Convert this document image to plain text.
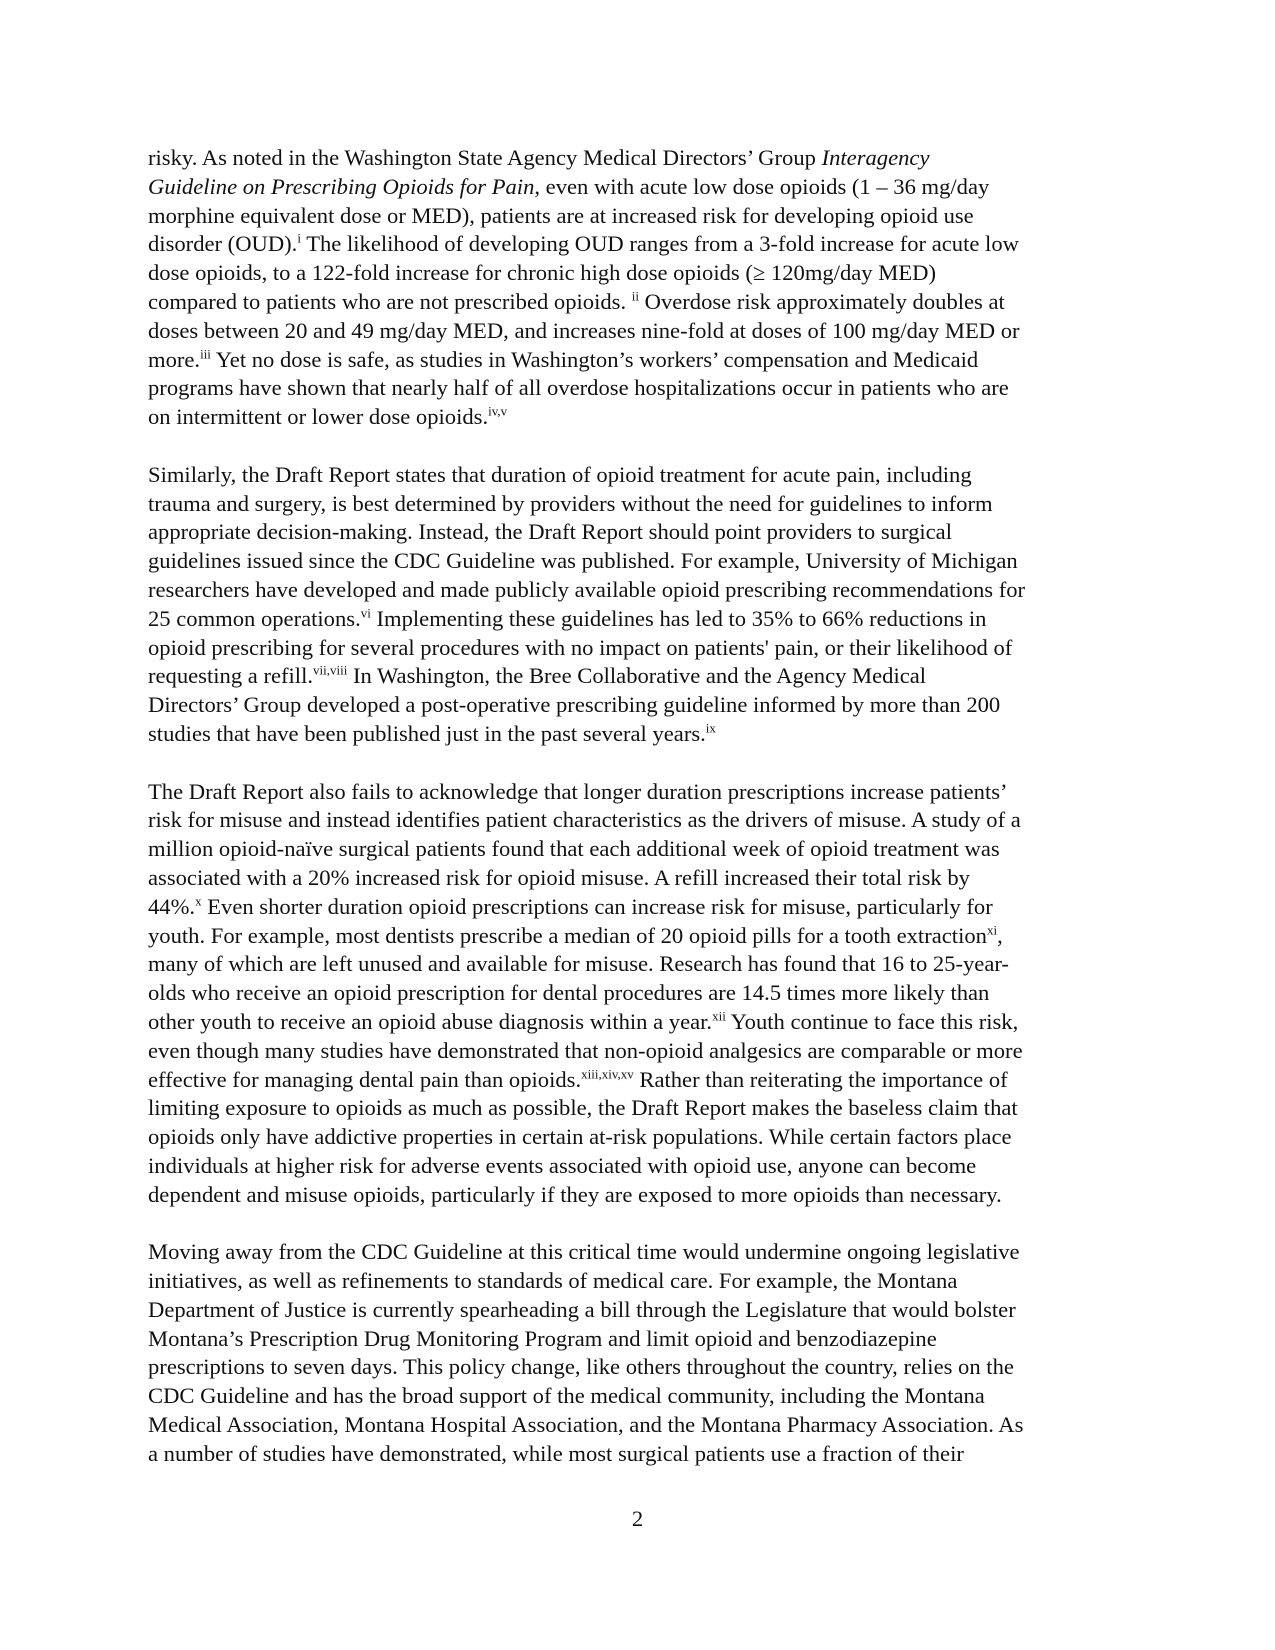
risky. As noted in the Washington State Agency Medical Directors’ Group Interagency
Guideline on Prescribing Opioids for Pain, even with acute low dose opioids (1 – 36 mg/day
morphine equivalent dose or MED), patients are at increased risk for developing opioid use
disorder (OUD).$^i$ The likelihood of developing OUD ranges from a 3-fold increase for acute low
dose opioids, to a 122-fold increase for chronic high dose opioids (≥ 120mg/day MED)
compared to patients who are not prescribed opioids. $^{ii}$ Overdose risk approximately doubles at
doses between 20 and 49 mg/day MED, and increases nine-fold at doses of 100 mg/day MED or
more.$^{iii}$ Yet no dose is safe, as studies in Washington’s workers’ compensation and Medicaid
programs have shown that nearly half of all overdose hospitalizations occur in patients who are
on intermittent or lower dose opioids.$^{iv,v}$
Similarly, the Draft Report states that duration of opioid treatment for acute pain, including
trauma and surgery, is best determined by providers without the need for guidelines to inform
appropriate decision-making. Instead, the Draft Report should point providers to surgical
guidelines issued since the CDC Guideline was published. For example, University of Michigan
researchers have developed and made publicly available opioid prescribing recommendations for
25 common operations.$^{vi}$ Implementing these guidelines has led to 35% to 66% reductions in
opioid prescribing for several procedures with no impact on patients' pain, or their likelihood of
requesting a refill.$^{vii,viii}$ In Washington, the Bree Collaborative and the Agency Medical
Directors’ Group developed a post-operative prescribing guideline informed by more than 200
studies that have been published just in the past several years.$^{ix}$
The Draft Report also fails to acknowledge that longer duration prescriptions increase patients’
risk for misuse and instead identifies patient characteristics as the drivers of misuse. A study of a
million opioid-naïve surgical patients found that each additional week of opioid treatment was
associated with a 20% increased risk for opioid misuse. A refill increased their total risk by
44%.$^x$ Even shorter duration opioid prescriptions can increase risk for misuse, particularly for
youth. For example, most dentists prescribe a median of 20 opioid pills for a tooth extraction$^{xi}$,
many of which are left unused and available for misuse. Research has found that 16 to 25-year-
olds who receive an opioid prescription for dental procedures are 14.5 times more likely than
other youth to receive an opioid abuse diagnosis within a year.$^{xii}$ Youth continue to face this risk,
even though many studies have demonstrated that non-opioid analgesics are comparable or more
effective for managing dental pain than opioids.$^{xiii,xiv,xv}$ Rather than reiterating the importance of
limiting exposure to opioids as much as possible, the Draft Report makes the baseless claim that
opioids only have addictive properties in certain at-risk populations. While certain factors place
individuals at higher risk for adverse events associated with opioid use, anyone can become
dependent and misuse opioids, particularly if they are exposed to more opioids than necessary.
Moving away from the CDC Guideline at this critical time would undermine ongoing legislative
initiatives, as well as refinements to standards of medical care. For example, the Montana
Department of Justice is currently spearheading a bill through the Legislature that would bolster
Montana’s Prescription Drug Monitoring Program and limit opioid and benzodiazepine
prescriptions to seven days. This policy change, like others throughout the country, relies on the
CDC Guideline and has the broad support of the medical community, including the Montana
Medical Association, Montana Hospital Association, and the Montana Pharmacy Association. As
a number of studies have demonstrated, while most surgical patients use a fraction of their
2
